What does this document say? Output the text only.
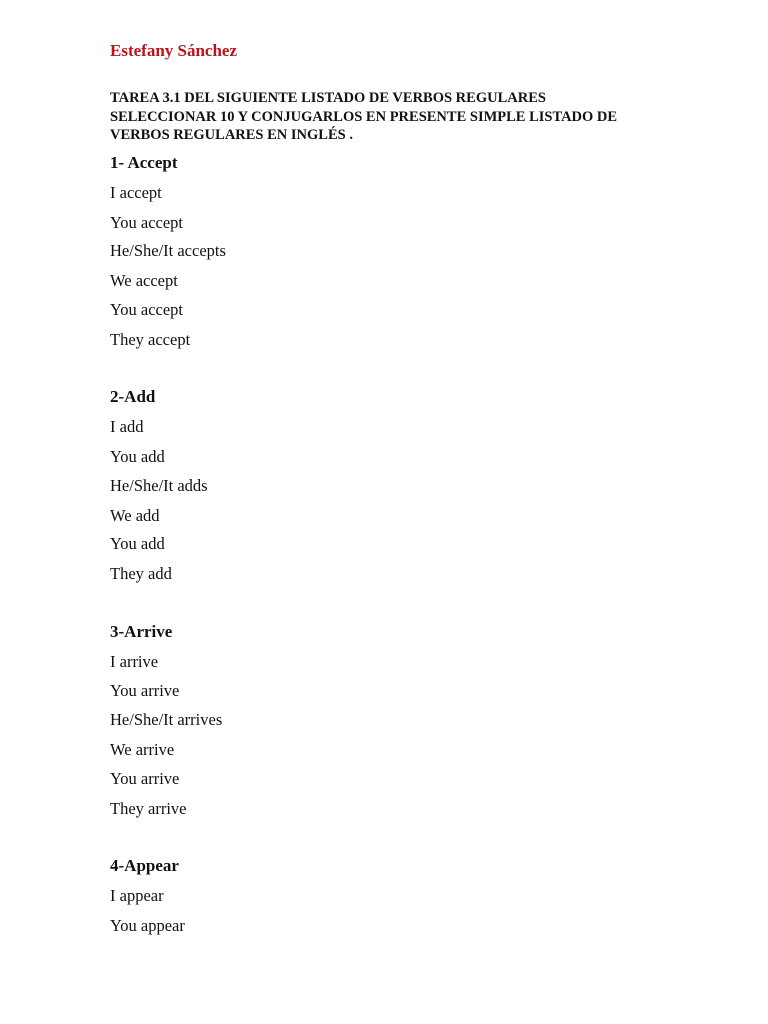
Estefany Sánchez
TAREA 3.1 DEL SIGUIENTE LISTADO DE VERBOS REGULARES
SELECCIONAR 10 Y CONJUGARLOS EN PRESENTE SIMPLE LISTADO DE
VERBOS REGULARES EN INGLÉS .
1- Accept
I accept
You accept
He/She/It accepts
We accept
You accept
They accept
2-Add
I add
You add
He/She/It adds
We add
You add
They add
3-Arrive
I arrive
You arrive
He/She/It arrives
We arrive
You arrive
They arrive
4-Appear
I appear
You appear
